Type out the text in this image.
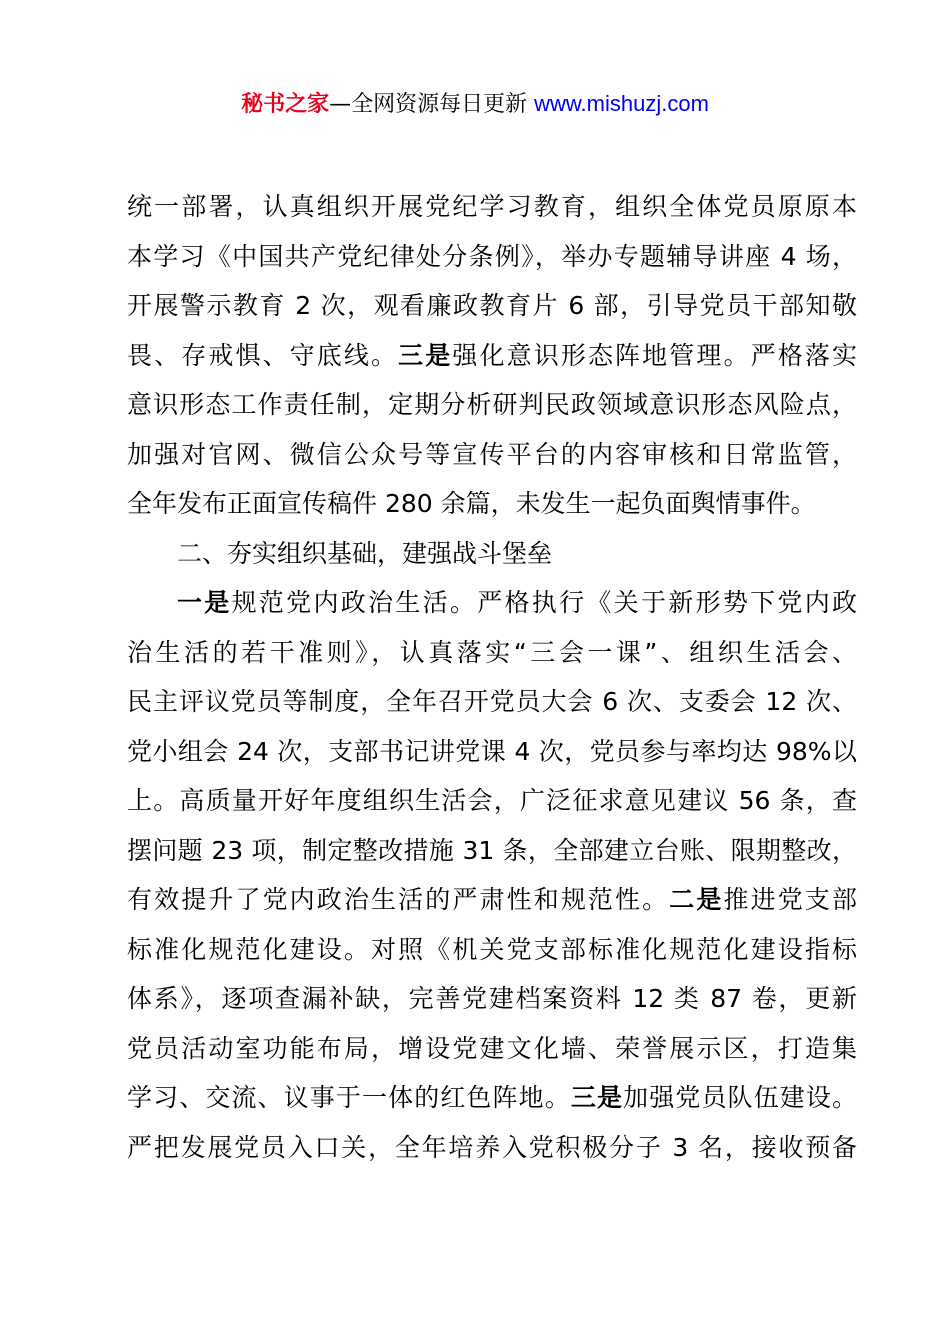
秘书之家—全网资源每日更新 www.mishuzj.com
统一部署，认真组织开展党纪学习教育，组织全体党员原原本
本学习《中国共产党纪律处分条例》，举办专题辅导讲座 4 场，
开展警示教育 2 次，观看廉政教育片 6 部，引导党员干部知敬
畏、存戒惧、守底线。三是强化意识形态阵地管理。严格落实
意识形态工作责任制，定期分析研判民政领域意识形态风险点，
加强对官网、微信公众号等宣传平台的内容审核和日常监管，
全年发布正面宣传稿件 280 余篇，未发生一起负面舆情事件。
二、夯实组织基础，建强战斗堡垒
一是规范党内政治生活。严格执行《关于新形势下党内政
治生活的若干准则》，认真落实“三会一课”、组织生活会、
民主评议党员等制度，全年召开党员大会 6 次、支委会 12 次、
党小组会 24 次，支部书记讲党课 4 次，党员参与率均达 98%以
上。高质量开好年度组织生活会，广泛征求意见建议 56 条，查
摆问题 23 项，制定整改措施 31 条，全部建立台账、限期整改，
有效提升了党内政治生活的严肃性和规范性。二是推进党支部
标准化规范化建设。对照《机关党支部标准化规范化建设指标
体系》，逐项查漏补缺，完善党建档案资料 12 类 87 卷，更新
党员活动室功能布局，增设党建文化墙、荣誉展示区，打造集
学习、交流、议事于一体的红色阵地。三是加强党员队伍建设。
严把发展党员入口关，全年培养入党积极分子 3 名，接收预备
